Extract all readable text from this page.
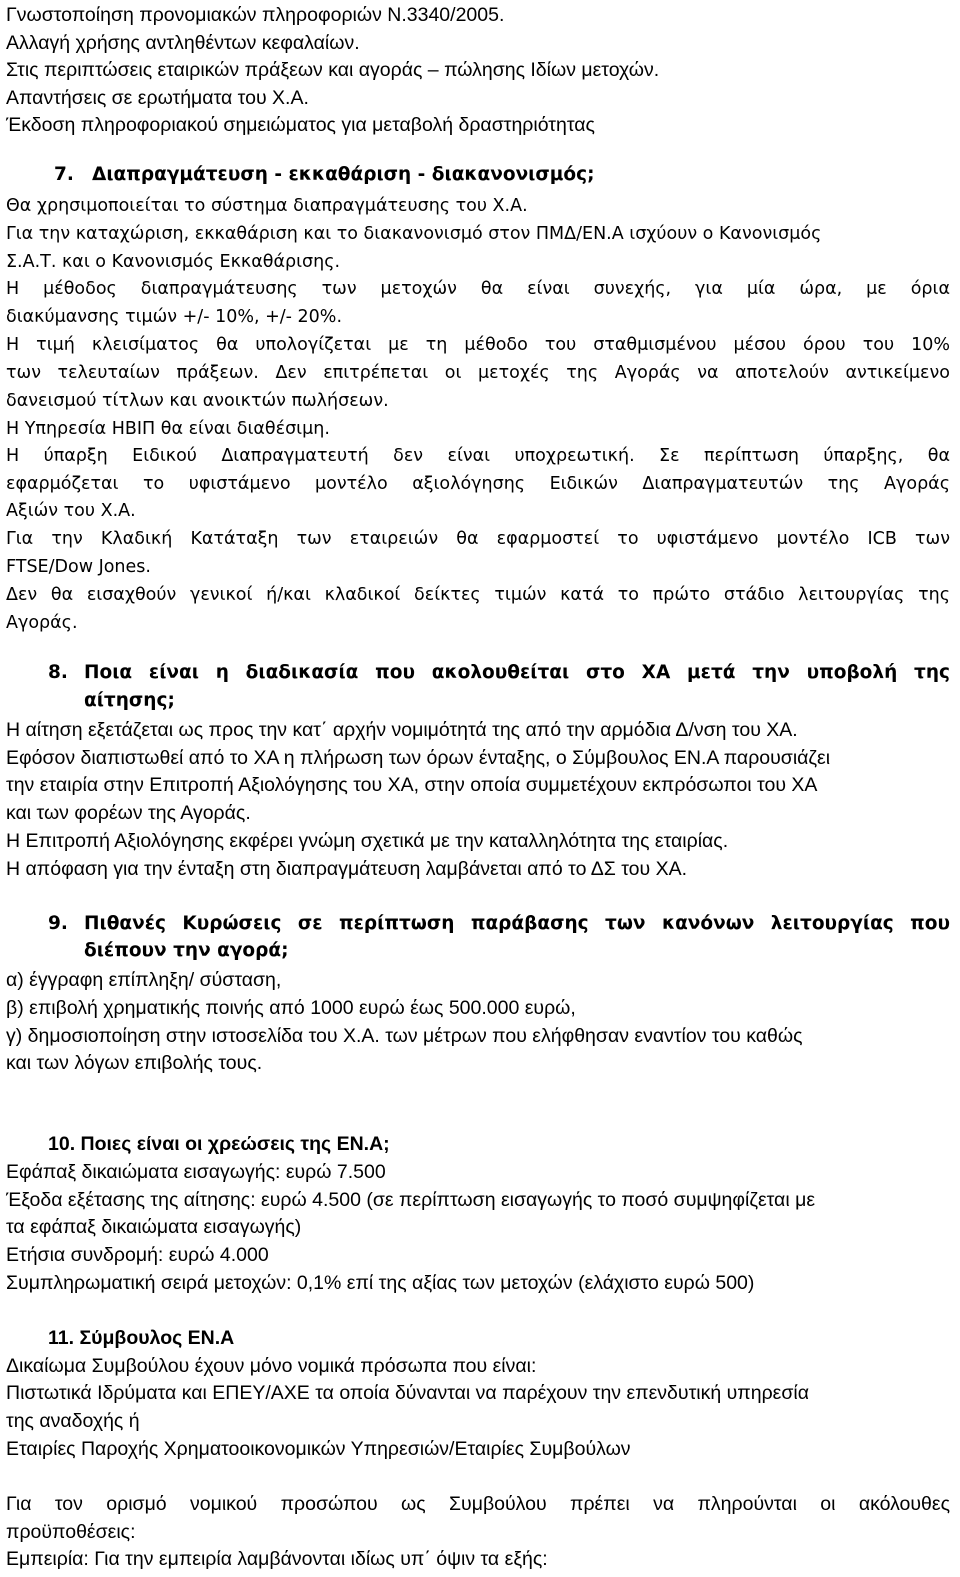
Γνωστοποίηση προνομιακών πληροφοριών Ν.3340/2005.
Αλλαγή χρήσης αντληθέντων κεφαλαίων.
Στις περιπτώσεις εταιρικών πράξεων και αγοράς – πώλησης Ιδίων μετοχών.
Απαντήσεις σε ερωτήματα του Χ.Α.
Έκδοση πληροφοριακού σημειώματος για μεταβολή δραστηριότητας
7. Διαπραγμάτευση - εκκαθάριση - διακανονισμός;
Θα χρησιμοποιείται το σύστημα διαπραγμάτευσης του Χ.Α.
Για την καταχώριση, εκκαθάριση και το διακανονισμό στον ΠΜΔ/ΕΝ.Α ισχύουν ο Κανονισμός
Σ.Α.Τ. και ο Κανονισμός Εκκαθάρισης.
Η μέθοδος διαπραγμάτευσης των μετοχών θα είναι συνεχής, για μία ώρα, με όρια
διακύμανσης τιμών +/- 10%, +/- 20%.
Η τιμή κλεισίματος θα υπολογίζεται με τη μέθοδο του σταθμισμένου μέσου όρου του 10%
των τελευταίων πράξεων. Δεν επιτρέπεται οι μετοχές της Αγοράς να αποτελούν αντικείμενο
δανεισμού τίτλων και ανοικτών πωλήσεων.
Η Υπηρεσία HBIΠ θα είναι διαθέσιμη.
Η ύπαρξη Ειδικού Διαπραγματευτή δεν είναι υποχρεωτική. Σε περίπτωση ύπαρξης, θα
εφαρμόζεται το υφιστάμενο μοντέλο αξιολόγησης Ειδικών Διαπραγματευτών της Αγοράς
Αξιών του Χ.Α.
Για την Κλαδική Κατάταξη των εταιρειών θα εφαρμοστεί το υφιστάμενο μοντέλο ICB των
FTSE/Dow Jones.
Δεν θα εισαχθούν γενικοί ή/και κλαδικοί δείκτες τιμών κατά το πρώτο στάδιο λειτουργίας της
Αγοράς.
8. Ποια είναι η διαδικασία που ακολουθείται στο ΧΑ μετά την υποβολή της
αίτησης;
Η αίτηση εξετάζεται ως προς την κατ΄ αρχήν νομιμότητά της από την αρμόδια Δ/νση του ΧΑ.
Εφόσον διαπιστωθεί από το ΧΑ η πλήρωση των όρων ένταξης, ο Σύμβουλος ΕΝ.Α παρουσιάζει
την εταιρία στην Επιτροπή Αξιολόγησης του ΧΑ, στην οποία συμμετέχουν εκπρόσωποι του ΧΑ
και των φορέων της Αγοράς.
Η Επιτροπή Αξιολόγησης εκφέρει γνώμη σχετικά με την καταλληλότητα της εταιρίας.
Η απόφαση για την ένταξη στη διαπραγμάτευση λαμβάνεται από το ΔΣ του ΧΑ.
9. Πιθανές Κυρώσεις σε περίπτωση παράβασης των κανόνων λειτουργίας που
διέπουν την αγορά;
α) έγγραφη επίπληξη/ σύσταση,
β) επιβολή χρηματικής ποινής από 1000 ευρώ έως 500.000 ευρώ,
γ) δημοσιοποίηση στην ιστοσελίδα του Χ.Α. των μέτρων που ελήφθησαν εναντίον του καθώς
και των λόγων επιβολής τους.
10. Ποιες είναι οι χρεώσεις της ΕΝ.Α;
Εφάπαξ δικαιώματα εισαγωγής: ευρώ 7.500
Έξοδα εξέτασης της αίτησης: ευρώ 4.500 (σε περίπτωση εισαγωγής το ποσό συμψηφίζεται με
τα εφάπαξ δικαιώματα εισαγωγής)
Ετήσια συνδρομή: ευρώ 4.000
Συμπληρωματική σειρά μετοχών: 0,1% επί της αξίας των μετοχών (ελάχιστο ευρώ 500)
11. Σύμβουλος ΕΝ.Α
Δικαίωμα Συμβούλου έχουν μόνο νομικά πρόσωπα που είναι:
Πιστωτικά Ιδρύματα και ΕΠΕΥ/ΑΧΕ τα οποία δύνανται να παρέχουν την επενδυτική υπηρεσία
της αναδοχής ή
Εταιρίες Παροχής Χρηματοοικονομικών Υπηρεσιών/Εταιρίες Συμβούλων
Για τον ορισμό νομικού προσώπου ως Συμβούλου πρέπει να πληρούνται οι ακόλουθες
προϋποθέσεις:
Εμπειρία: Για την εμπειρία λαμβάνονται ιδίως υπ΄ όψιν τα εξής:
